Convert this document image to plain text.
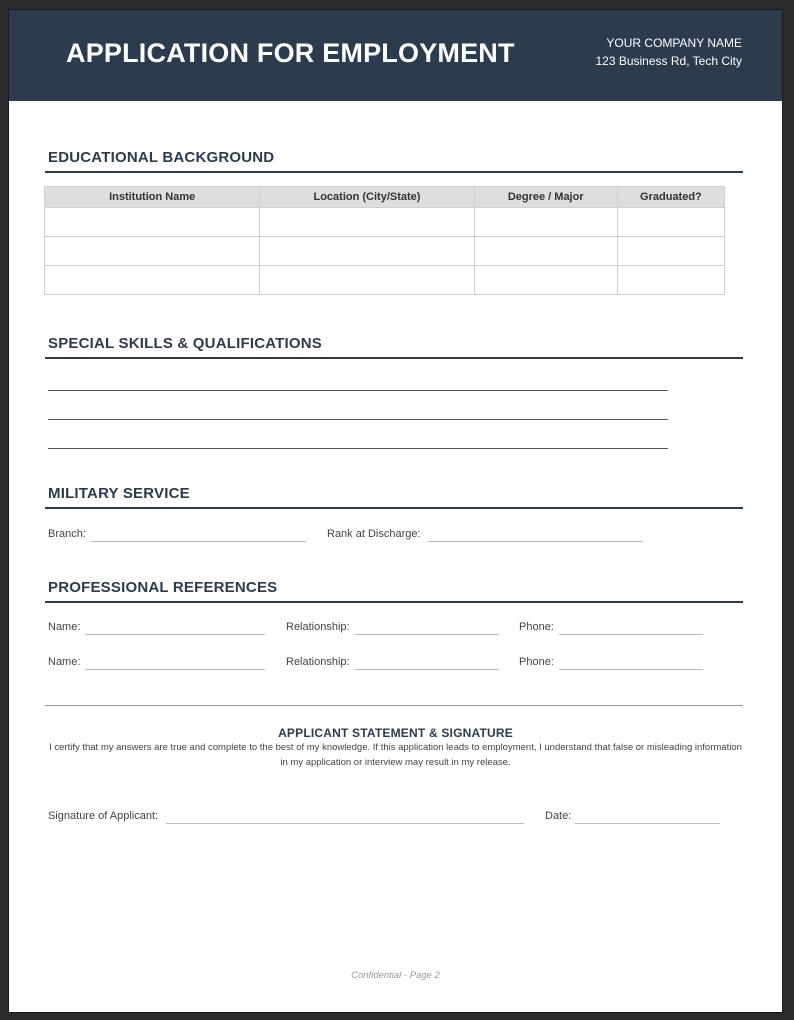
APPLICATION FOR EMPLOYMENT	YOUR COMPANY NAME
123 Business Rd, Tech City
EDUCATIONAL BACKGROUND
Institution Name	Location (City/State)	Degree / Major	Graduated?

SPECIAL SKILLS & QUALIFICATIONS
MILITARY SERVICE
Branch:	Rank at Discharge:
PROFESSIONAL REFERENCES
Name:	Relationship:	Phone:
Name:	Relationship:	Phone:
APPLICANT STATEMENT & SIGNATURE
I certify that my answers are true and complete to the best of my knowledge. If this application leads to employment, I understand that false or misleading information in my application or interview may result in my release.
Signature of Applicant:	Date:
Confidential - Page 2
